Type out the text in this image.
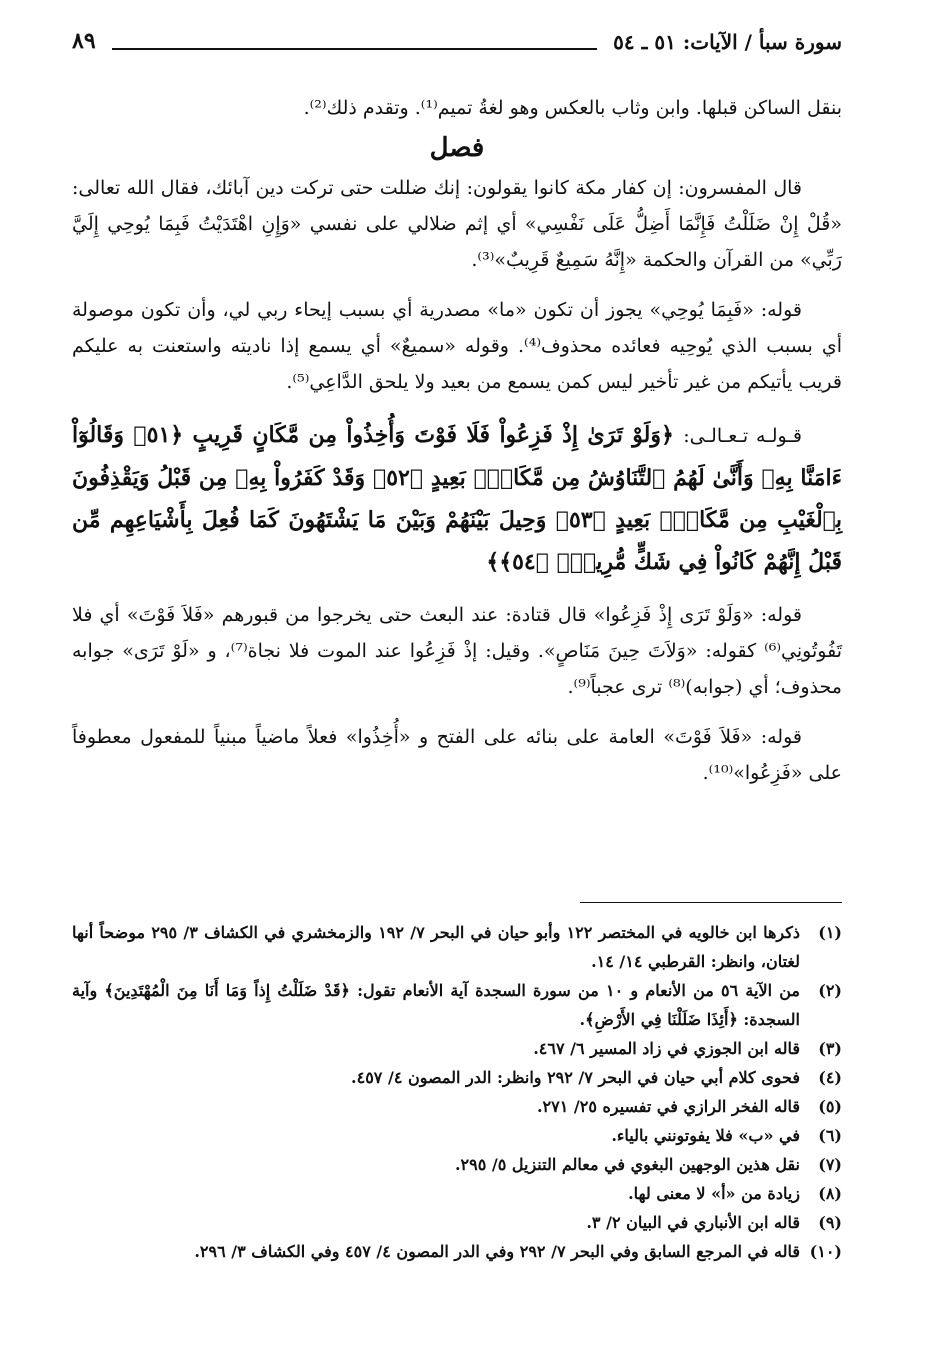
سورة سبأ / الآيات: ٥١ ـ ٥٤
٨٩

بنقل الساكن قبلها. وابن وثاب بالعكس وهو لغةُ تميم⁽¹⁾. وتقدم ذلك⁽²⁾.

فصل

قال المفسرون: إن كفار مكة كانوا يقولون: إنك ضللت حتى تركت دين آبائك، فقال الله تعالى: «قُلْ إِنْ ضَلَلْتُ فَإِنَّمَا أَضِلُّ عَلَى نَفْسِي» أي إثم ضلالي على نفسي «وَإِنِ اهْتَدَيْتُ فَبِمَا يُوحِي إِلَيَّ رَبِّي» من القرآن والحكمة «إِنَّهُ سَمِيعٌ قَرِيبٌ»⁽³⁾.

قوله: «فَبِمَا يُوحِي» يجوز أن تكون «ما» مصدرية أي بسبب إيحاء ربي لي، وأن تكون موصولة أي بسبب الذي يُوحِيه فعائده محذوف⁽⁴⁾. وقوله «سميعٌ» أي يسمع إذا ناديته واستعنت به عليكم قريب يأتيكم من غير تأخير ليس كمن يسمع من بعيد ولا يلحق الدَّاعِي⁽⁵⁾.

قـولـه تـعـالـى: ﴿وَلَوْ تَرَىٰ إِذْ فَزِعُواْ فَلَا فَوْتَ وَأُخِذُواْ مِن مَّكَانٍ قَرِيبٍ ﴿٥١﴾ وَقَالُوٓاْ ءَامَنَّا بِهِۦ وَأَنَّىٰ لَهُمُ ٱلتَّنَاوُشُ مِن مَّكَانِۭ بَعِيدٍ ﴿٥٢﴾ وَقَدْ كَفَرُواْ بِهِۦ مِن قَبْلُ وَيَقْذِفُونَ بِٱلْغَيْبِ مِن مَّكَانِۭ بَعِيدٍ ﴿٥٣﴾ وَحِيلَ بَيْنَهُمْ وَبَيْنَ مَا يَشْتَهُونَ كَمَا فُعِلَ بِأَشْيَاعِهِم مِّن قَبْلُ إِنَّهُمْ كَانُواْ فِي شَكٍّ مُّرِيبِۭ ﴿٥٤﴾﴾

قوله: «وَلَوْ تَرَى إِذْ فَزِعُوا» قال قتادة: عند البعث حتى يخرجوا من قبورهم «فَلاَ فَوْتَ» أي فلا تَفُوتُونِي⁽⁶⁾ كقوله: «وَلاَتَ حِينَ مَنَاصٍ». وقيل: إذْ فَزِعُوا عند الموت فلا نجاة⁽⁷⁾، و «لَوْ تَرَى» جوابه محذوف؛ أي (جوابه)⁽⁸⁾ ترى عجباً⁽⁹⁾.

قوله: «فَلاَ فَوْتَ» العامة على بنائه على الفتح و «أُخِذُوا» فعلاً ماضياً مبنياً للمفعول معطوفاً على «فَزِعُوا»⁽¹⁰⁾.

(١)
ذكرها ابن خالويه في المختصر ١٢٢ وأبو حيان في البحر ٧/ ١٩٢ والزمخشري في الكشاف ٣/ ٢٩٥ موضحاً أنها لغتان، وانظر: القرطبي ١٤/ ١٤.
(٢)
من الآية ٥٦ من الأنعام و ١٠ من سورة السجدة آية الأنعام تقول: ﴿قَدْ ضَلَلْتُ إِذاً وَمَا أَنَا مِنَ الْمُهْتَدِينَ﴾ وآية السجدة: ﴿أَئِذَا ضَلَلْنَا فِي الأَرْضِ﴾.
(٣)
قاله ابن الجوزي في زاد المسير ٦/ ٤٦٧.
(٤)
فحوى كلام أبي حيان في البحر ٧/ ٢٩٢ وانظر: الدر المصون ٤/ ٤٥٧.
(٥)
قاله الفخر الرازي في تفسيره ٢٥/ ٢٧١.
(٦)
في «ب» فلا يفوتونني بالياء.
(٧)
نقل هذين الوجهين البغوي في معالم التنزيل ٥/ ٢٩٥.
(٨)
زيادة من «أ» لا معنى لها.
(٩)
قاله ابن الأنباري في البيان ٢/ ٣.
(١٠)
قاله في المرجع السابق وفي البحر ٧/ ٢٩٢ وفي الدر المصون ٤/ ٤٥٧ وفي الكشاف ٣/ ٢٩٦.
